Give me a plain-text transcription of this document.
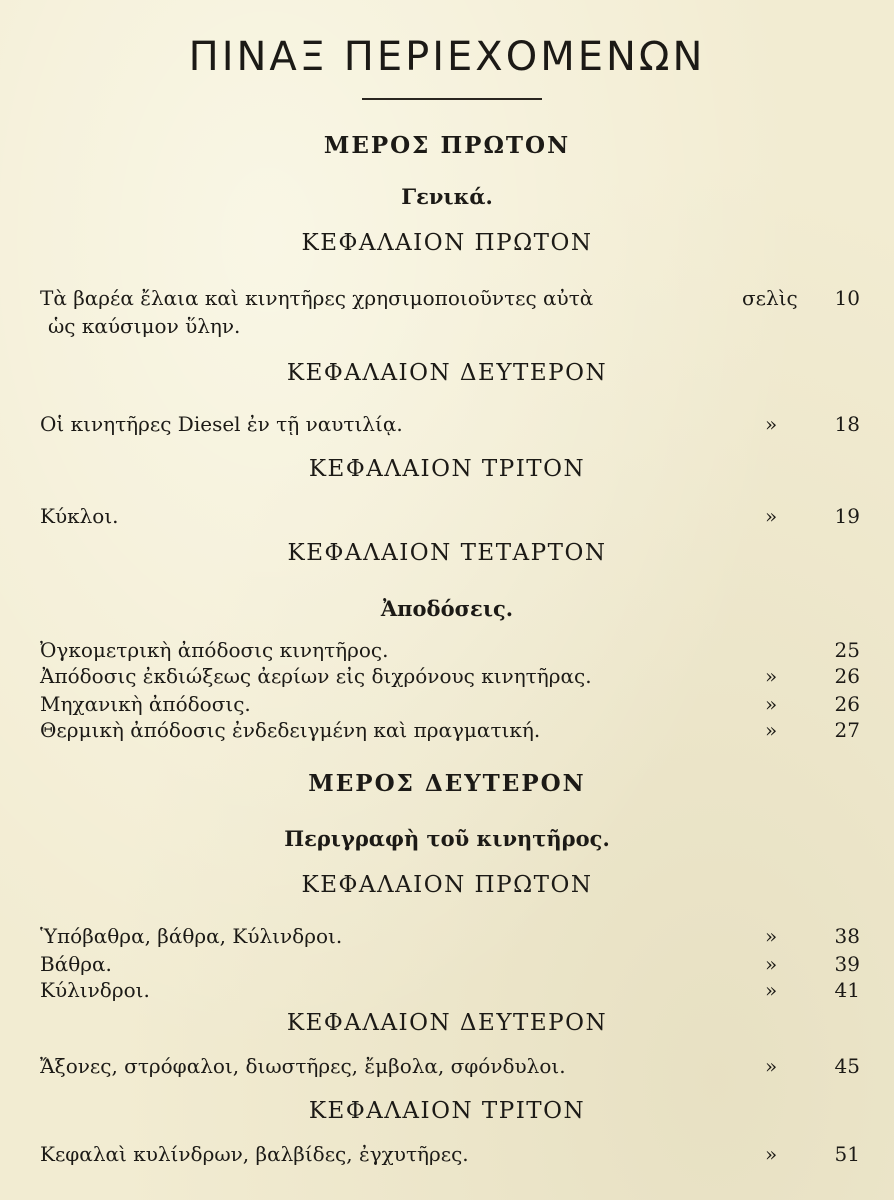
ΠΙΝΑΞ ΠΕΡΙΕΧΟΜΕΝΩΝ
ΜΕΡΟΣ ΠΡΩΤΟΝ
Γενικά.
ΚΕΦΑΛΑΙΟΝ ΠΡΩΤΟΝ
Τὰ βαρέα ἔλαια καὶ κινητῆρες χρησιμοποιοῦντες αὐτὰ
ὡς καύσιμον ὕλην.
σελὶς 10
ΚΕΦΑΛΑΙΟΝ ΔΕΥΤΕΡΟΝ
Οἱ κινητῆρες Diesel ἐν τῇ ναυτιλίᾳ.	»	18
ΚΕΦΑΛΑΙΟΝ ΤΡΙΤΟΝ
Κύκλοι.	»	19
ΚΕΦΑΛΑΙΟΝ ΤΕΤΑΡΤΟΝ
Ἀποδόσεις.
Ὀγκομετρικὴ ἀπόδοσις κινητῆρος.	25
Ἀπόδοσις ἐκδιώξεως ἀερίων εἰς διχρόνους κινητῆρας.	»	26
Μηχανικὴ ἀπόδοσις.	»	26
Θερμικὴ ἀπόδοσις ἐνδεδειγμένη καὶ πραγματική.	»	27
ΜΕΡΟΣ ΔΕΥΤΕΡΟΝ
Περιγραφὴ τοῦ κινητῆρος.
ΚΕΦΑΛΑΙΟΝ ΠΡΩΤΟΝ
Ὑπόβαθρα, βάθρα, Κύλινδροι.	»	38
Βάθρα.	»	39
Κύλινδροι.	»	41
ΚΕΦΑΛΑΙΟΝ ΔΕΥΤΕΡΟΝ
Ἄξονες, στρόφαλοι, διωστῆρες, ἔμβολα, σφόνδυλοι.	»	45
ΚΕΦΑΛΑΙΟΝ ΤΡΙΤΟΝ
Κεφαλαὶ κυλίνδρων, βαλβίδες, ἐγχυτῆρες.	»	51
